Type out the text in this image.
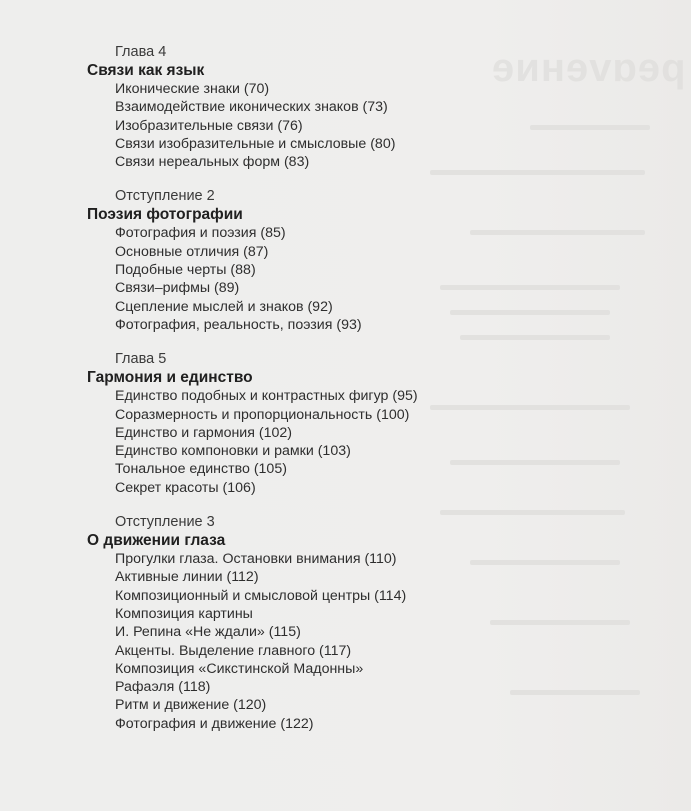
ɘинɘvɒɘq
Глава 4
Связи как язык
Иконические знаки (70)
Взаимодействие иконических знаков (73)
Изобразительные связи (76)
Связи изобразительные и смысловые (80)
Связи нереальных форм (83)
Отступление 2
Поэзия фотографии
Фотография и поэзия (85)
Основные отличия (87)
Подобные черты (88)
Связи–рифмы (89)
Сцепление мыслей и знаков (92)
Фотография, реальность, поэзия (93)
Глава 5
Гармония и единство
Единство подобных и контрастных фигур (95)
Соразмерность и пропорциональность (100)
Единство и гармония (102)
Единство компоновки и рамки (103)
Тональное единство (105)
Секрет красоты (106)
Отступление 3
О движении глаза
Прогулки глаза. Остановки внимания (110)
Активные линии (112)
Композиционный и смысловой центры (114)
Композиция картины
И. Репина «Не ждали» (115)
Акценты. Выделение главного (117)
Композиция «Сикстинской Мадонны»
Рафаэля (118)
Ритм и движение (120)
Фотография и движение (122)
